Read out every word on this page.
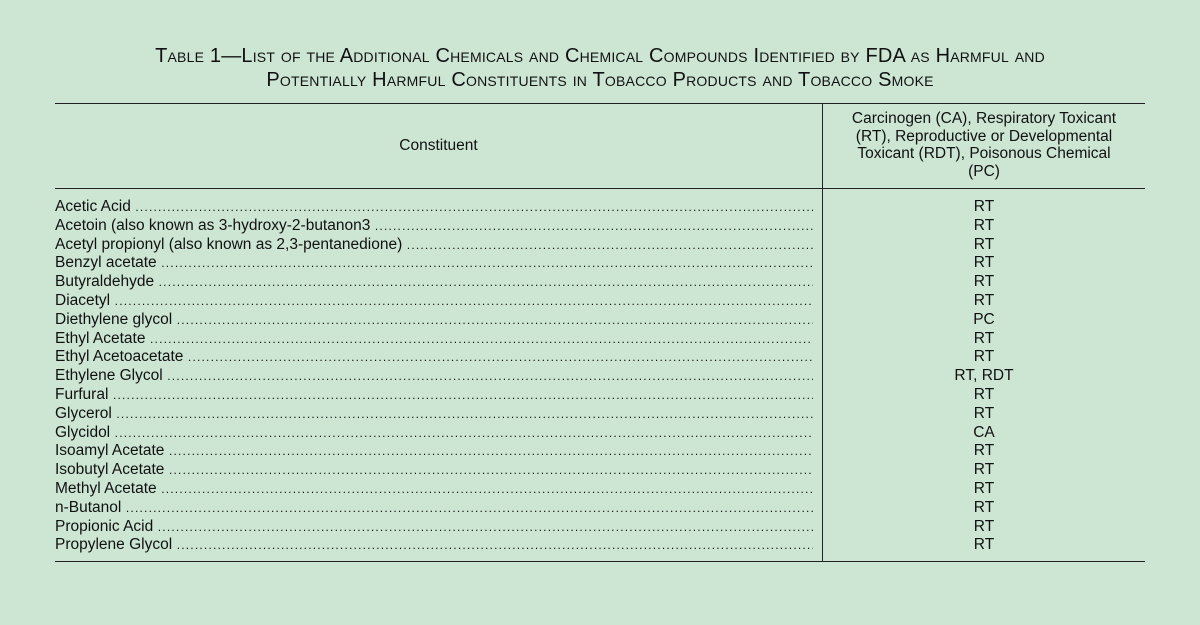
Table 1—List of the Additional Chemicals and Chemical Compounds Identified by FDA as Harmful and
Potentially Harmful Constituents in Tobacco Products and Tobacco Smoke
Constituent
Carcinogen (CA), Respiratory Toxicant
(RT), Reproductive or Developmental
Toxicant (RDT), Poisonous Chemical
(PC)
Acetic Acid .....	RT
Acetoin (also known as 3-hydroxy-2-butanon3 .....	RT
Acetyl propionyl (also known as 2,3-pentanedione) .....	RT
Benzyl acetate .....	RT
Butyraldehyde .....	RT
Diacetyl .....	RT
Diethylene glycol .....	PC
Ethyl Acetate .....	RT
Ethyl Acetoacetate .....	RT
Ethylene Glycol .....	RT, RDT
Furfural .....	RT
Glycerol .....	RT
Glycidol .....	CA
Isoamyl Acetate .....	RT
Isobutyl Acetate .....	RT
Methyl Acetate .....	RT
n-Butanol .....	RT
Propionic Acid .....	RT
Propylene Glycol .....	RT
